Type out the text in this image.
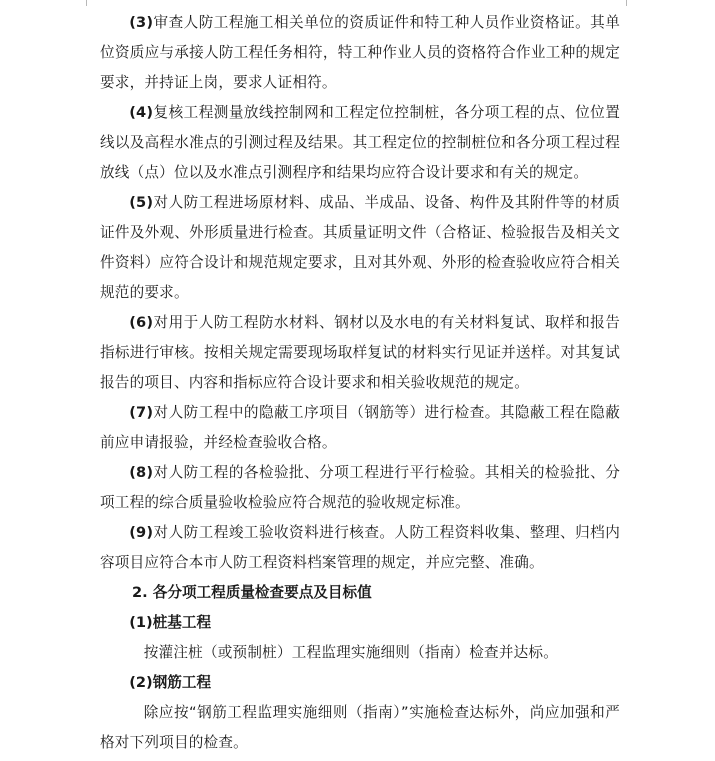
(3)审查人防工程施工相关单位的资质证件和特工种人员作业资格证。其单位资质应与承接人防工程任务相符，特工种作业人员的资格符合作业工种的规定要求，并持证上岗，要求人证相符。

(4)复核工程测量放线控制网和工程定位控制桩，各分项工程的点、位位置线以及高程水准点的引测过程及结果。其工程定位的控制桩位和各分项工程过程放线（点）位以及水准点引测程序和结果均应符合设计要求和有关的规定。

(5)对人防工程进场原材料、成品、半成品、设备、构件及其附件等的材质证件及外观、外形质量进行检查。其质量证明文件（合格证、检验报告及相关文件资料）应符合设计和规范规定要求，且对其外观、外形的检查验收应符合相关规范的要求。

(6)对用于人防工程防水材料、钢材以及水电的有关材料复试、取样和报告指标进行审核。按相关规定需要现场取样复试的材料实行见证并送样。对其复试报告的项目、内容和指标应符合设计要求和相关验收规范的规定。

(7)对人防工程中的隐蔽工序项目（钢筋等）进行检查。其隐蔽工程在隐蔽前应申请报验，并经检查验收合格。

(8)对人防工程的各检验批、分项工程进行平行检验。其相关的检验批、分项工程的综合质量验收检验应符合规范的验收规定标准。

(9)对人防工程竣工验收资料进行核查。人防工程资料收集、整理、归档内容项目应符合本市人防工程资料档案管理的规定，并应完整、准确。

2. 各分项工程质量检查要点及目标值

(1)桩基工程

按灌注桩（或预制桩）工程监理实施细则（指南）检查并达标。

(2)钢筋工程

除应按“钢筋工程监理实施细则（指南）”实施检查达标外，尚应加强和严格对下列项目的检查。
